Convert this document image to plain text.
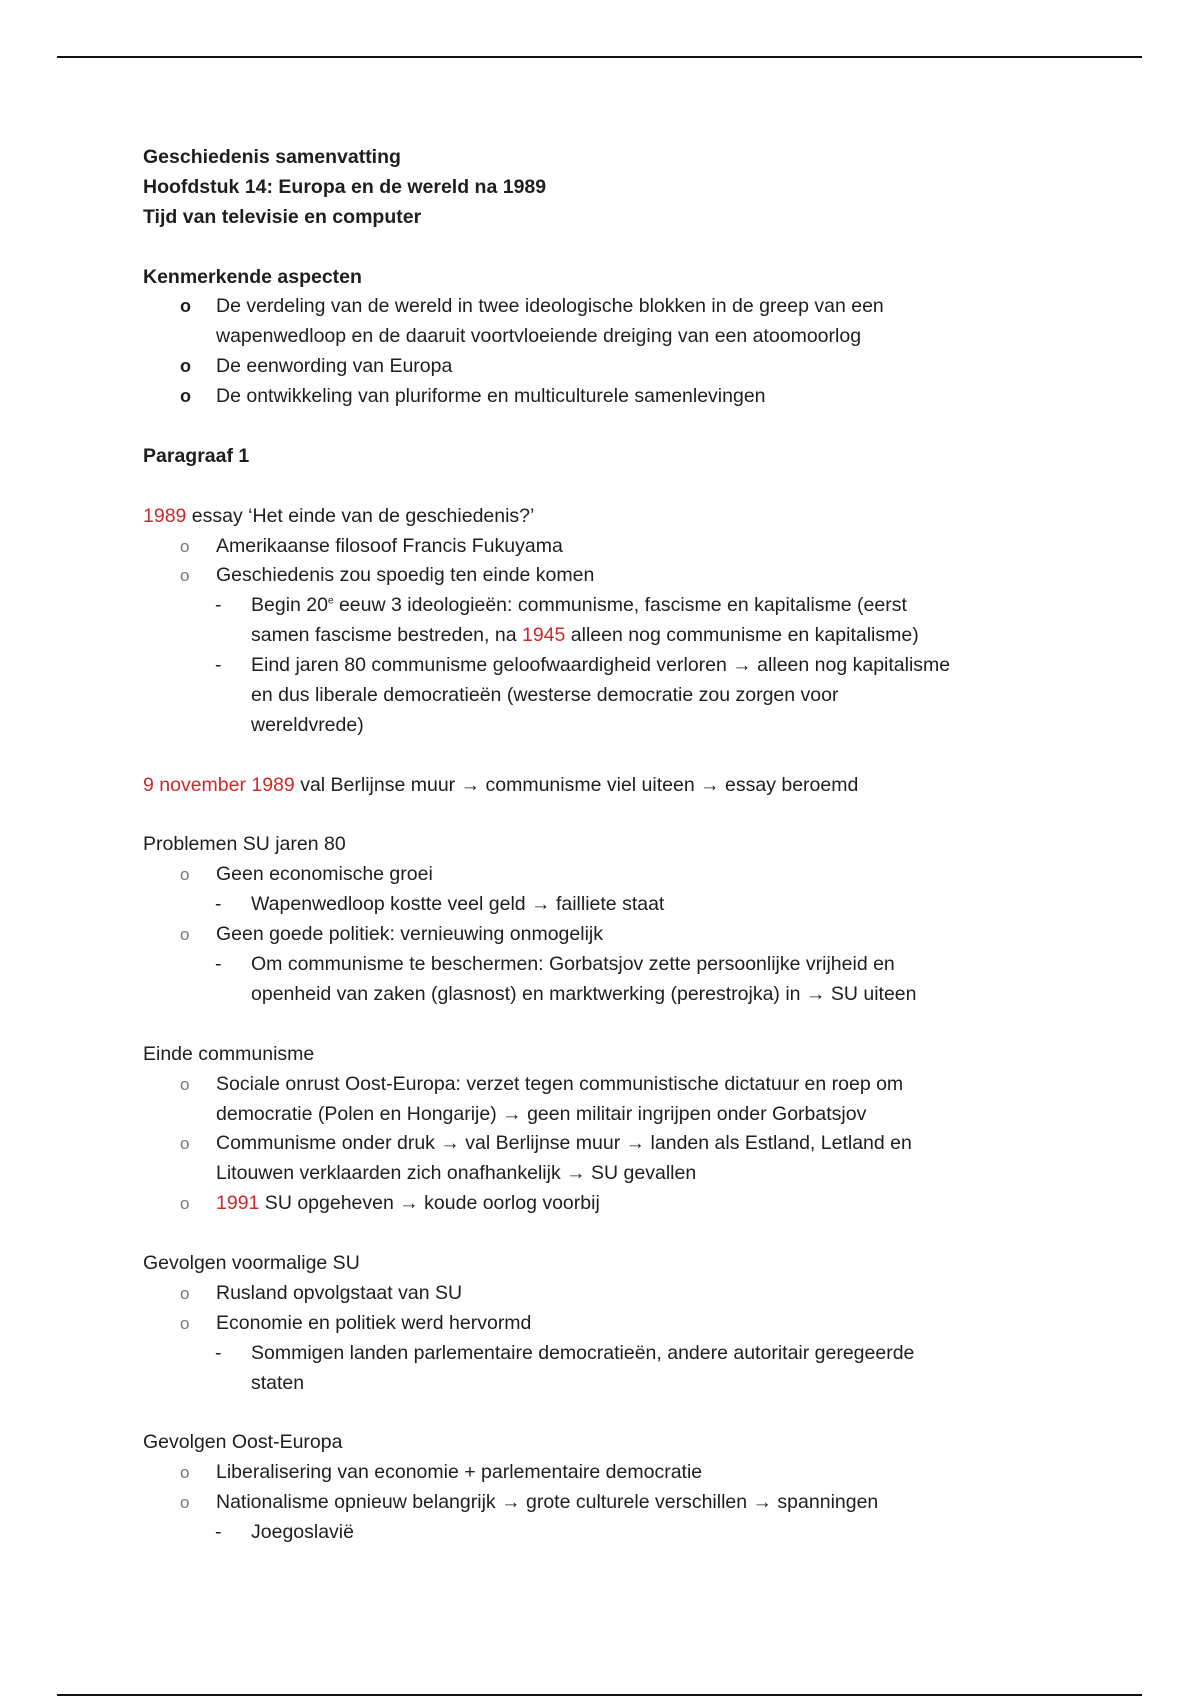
Geschiedenis samenvatting
Hoofdstuk 14: Europa en de wereld na 1989
Tijd van televisie en computer
Kenmerkende aspecten
o De verdeling van de wereld in twee ideologische blokken in de greep van een
wapenwedloop en de daaruit voortvloeiende dreiging van een atoomoorlog
o De eenwording van Europa
o De ontwikkeling van pluriforme en multiculturele samenlevingen
Paragraaf 1
1989 essay ‘Het einde van de geschiedenis?’
o Amerikaanse filosoof Francis Fukuyama
o Geschiedenis zou spoedig ten einde komen
- Begin 20e eeuw 3 ideologieën: communisme, fascisme en kapitalisme (eerst
samen fascisme bestreden, na 1945 alleen nog communisme en kapitalisme)
- Eind jaren 80 communisme geloofwaardigheid verloren → alleen nog kapitalisme
en dus liberale democratieën (westerse democratie zou zorgen voor
wereldvrede)
9 november 1989 val Berlijnse muur → communisme viel uiteen → essay beroemd
Problemen SU jaren 80
o Geen economische groei
- Wapenwedloop kostte veel geld → failliete staat
o Geen goede politiek: vernieuwing onmogelijk
- Om communisme te beschermen: Gorbatsjov zette persoonlijke vrijheid en
openheid van zaken (glasnost) en marktwerking (perestrojka) in → SU uiteen
Einde communisme
o Sociale onrust Oost-Europa: verzet tegen communistische dictatuur en roep om
democratie (Polen en Hongarije) → geen militair ingrijpen onder Gorbatsjov
o Communisme onder druk → val Berlijnse muur → landen als Estland, Letland en
Litouwen verklaarden zich onafhankelijk → SU gevallen
o 1991 SU opgeheven → koude oorlog voorbij
Gevolgen voormalige SU
o Rusland opvolgstaat van SU
o Economie en politiek werd hervormd
- Sommigen landen parlementaire democratieën, andere autoritair geregeerde
staten
Gevolgen Oost-Europa
o Liberalisering van economie + parlementaire democratie
o Nationalisme opnieuw belangrijk → grote culturele verschillen → spanningen
- Joegoslavië
